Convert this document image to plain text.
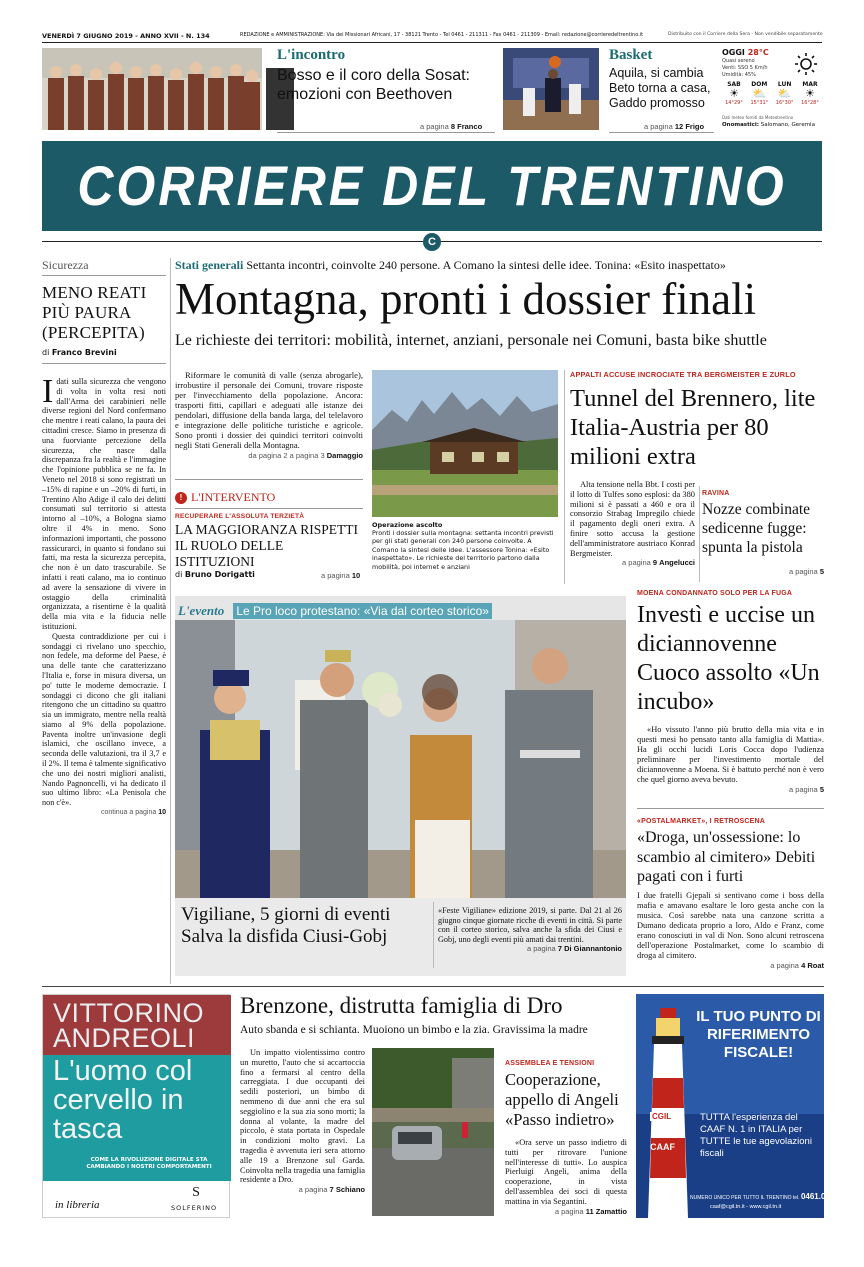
VENERDÌ 7 GIUGNO 2019 - ANNO XVII - N. 134	REDAZIONE e AMMINISTRAZIONE: Via dei Missionari Africani, 17 - 38121 Trento - Tel 0461 - 211311 - Fax 0461 - 211309 - Email: redazione@corrieredeltrentino.it	Distribuito con il Corriere della Sera - Non vendibile separatamente
L'incontro
Bosso e il coro della Sosat: emozioni con Beethoven
a pagina 8 Franco
Basket
Aquila, si cambia Beto torna a casa, Gaddo promosso
a pagina 12 Frigo
OGGI 28°C
Quasi sereno
Venti: SSO 5 Km/h
Umidità: 45%
SAB
☀
14°29°
DOM
⛅
15°31°
LUN
⛅
16°30°
MAR
☀
16°28°
Dati meteo forniti da Meteotrentino
Onomastici: Salomano, Geremia
CORRIERE DEL TRENTINO
C
Sicurezza
MENO REATI PIÙ PAURA (PERCEPITA)
di Franco Brevini
I dati sulla sicurezza che vengono di volta in volta resi noti dall'Arma dei carabinieri nelle diverse regioni del Nord confermano che mentre i reati calano, la paura dei cittadini cresce. Siamo in presenza di una fuorviante percezione della sicurezza, che nasce dalla discrepanza fra la realtà e l'immagine che l'opinione pubblica se ne fa. In Veneto nel 2018 si sono registrati un –15% di rapine e un –20% di furti, in Trentino Alto Adige il calo dei delitti consumati sul territorio si attesta intorno al –10%, a Bologna siamo oltre il 4% in meno. Sono informazioni importanti, che possono rassicurarci, in quanto si fondano sui fatti, ma resta la sicurezza percepita, che non è un dato trascurabile. Se infatti i reati calano, ma io continuo ad avere la sensazione di vivere in ostaggio della criminalità organizzata, a risentirne è la qualità della mia vita e la fiducia nelle istituzioni.

Questa contraddizione per cui i sondaggi ci rivelano uno specchio, non fedele, ma deforme del Paese, è una delle tante che caratterizzano l'Italia e, forse in misura diversa, un po' tutte le moderne democrazie. I sondaggi ci dicono che gli italiani ritengono che un cittadino su quattro sia un immigrato, mentre nella realtà siamo al 9% della popolazione. Paventa inoltre un'invasione degli islamici, che oscillano invece, a seconda delle valutazioni, tra il 3,7 e il 2%. Il tema è talmente significativo che uno dei nostri migliori analisti, Nando Pagnoncelli, vi ha dedicato il suo ultimo libro: «La Penisola che non c'è».

continua a pagina 10
Stati generali Settanta incontri, coinvolte 240 persone. A Comano la sintesi delle idee. Tonina: «Esito inaspettato»
Montagna, pronti i dossier finali
Le richieste dei territori: mobilità, internet, anziani, personale nei Comuni, basta bike shuttle

Riformare le comunità di valle (senza abrogarle), irrobustire il personale dei Comuni, trovare risposte per l'invecchiamento della popolazione. Ancora: trasporti fitti, capillari e adeguati alle istanze dei pendolari, diffusione della banda larga, del telelavoro e integrazione delle politiche turistiche e agricole. Sono pronti i dossier dei quindici territori coinvolti negli Stati Generali della Montagna.

da pagina 2 a pagina 3 Damaggio
Operazione ascolto
Pronti i dossier sulla montagna: settanta incontri previsti per gli stati generali con 240 persone coinvolte. A Comano la sintesi delle idee. L'assessore Tonina: «Esito inaspettato». Le richieste del territorio partono dalla mobilità, poi internet e anziani
! L'INTERVENTO
RECUPERARE L'ASSOLUTA TERZIETÀ
LA MAGGIORANZA RISPETTI IL RUOLO DELLE ISTITUZIONI
di Bruno Dorigatti	a pagina 10
APPALTI ACCUSE INCROCIATE TRA BERGMEISTER E ZURLO
Tunnel del Brennero, lite Italia-Austria per 80 milioni extra

Alta tensione nella Bbt. I costi per il lotto di Tulfes sono esplosi: da 380 milioni si è passati a 460 e ora il consorzio Strabag Impregilo chiede il pagamento degli oneri extra. A finire sotto accusa la gestione dell'amministratore austriaco Konrad Bergmeister.

a pagina 9 Angelucci
RAVINA
Nozze combinate sedicenne fugge: spunta la pistola
a pagina 5
L'evento Le Pro loco protestano: «Via dal corteo storico»
Vigiliane, 5 giorni di eventi Salva la disfida Ciusi-Gobj

«Feste Vigiliane» edizione 2019, si parte. Dal 21 al 26 giugno cinque giornate ricche di eventi in città. Si parte con il corteo storico, salva anche la sfida dei Ciusi e Gobj, uno degli eventi più amati dai trentini.

a pagina 7 Di Giannantonio
MOENA CONDANNATO SOLO PER LA FUGA
Investì e uccise un diciannovenne Cuoco assolto «Un incubo»

«Ho vissuto l'anno più brutto della mia vita e in questi mesi ho pensato tanto alla famiglia di Mattia». Ha gli occhi lucidi Loris Cocca dopo l'udienza preliminare per l'investimento mortale del diciannovenne a Moena. Si è battuto perché non è vero che quel giorno aveva bevuto.

a pagina 5
«POSTALMARKET», I RETROSCENA
«Droga, un'ossessione: lo scambio al cimitero» Debiti pagati con i furti

I due fratelli Gjepali si sentivano come i boss della mafia e amavano esaltare le loro gesta anche con la musica. Così sarebbe nata una canzone scritta a Dumano dedicata proprio a loro, Aldo e Franz, come erano conosciuti in val di Non. Sono alcuni retroscena dell'operazione Postalmarket, come lo scambio di droga al cimitero.

a pagina 4 Roat
VITTORINO ANDREOLI
L'uomo col cervello in tasca
COME LA RIVOLUZIONE DIGITALE STA CAMBIANDO I NOSTRI COMPORTAMENTI
in libreria
S
SOLFERINO
Brenzone, distrutta famiglia di Dro
Auto sbanda e si schianta. Muoiono un bimbo e la zia. Gravissima la madre

Un impatto violentissimo contro un muretto, l'auto che si accartoccia fino a fermarsi al centro della carreggiata. I due occupanti dei sedili posteriori, un bimbo di nemmeno di due anni che era sul seggiolino e la sua zia sono morti; la donna al volante, la madre del piccolo, è stata portata in Ospedale in condizioni molto gravi. La tragedia è avvenuta ieri sera attorno alle 19 a Brenzone sul Garda. Coinvolta nella tragedia una famiglia residente a Dro.

a pagina 7 Schiano
ASSEMBLEA E TENSIONI
Cooperazione, appello di Angeli «Passo indietro»

«Ora serve un passo indietro di tutti per ritrovare l'unione nell'interesse di tutti». Lo auspica Pierluigi Angeli, anima della cooperazione, in vista dell'assemblea dei soci di questa mattina in via Segantini.

a pagina 11 Zamattio
CGIL
CAAF
IL TUO PUNTO DI RIFERIMENTO FISCALE!
TUTTA l'esperienza del CAAF N. 1 in ITALIA per TUTTE le tue agevolazioni fiscali
NUMERO UNICO PER TUTTO IL TRENTINO tel. 0461.040111
caaf@cgil.tn.it - www.cgil.tn.it
